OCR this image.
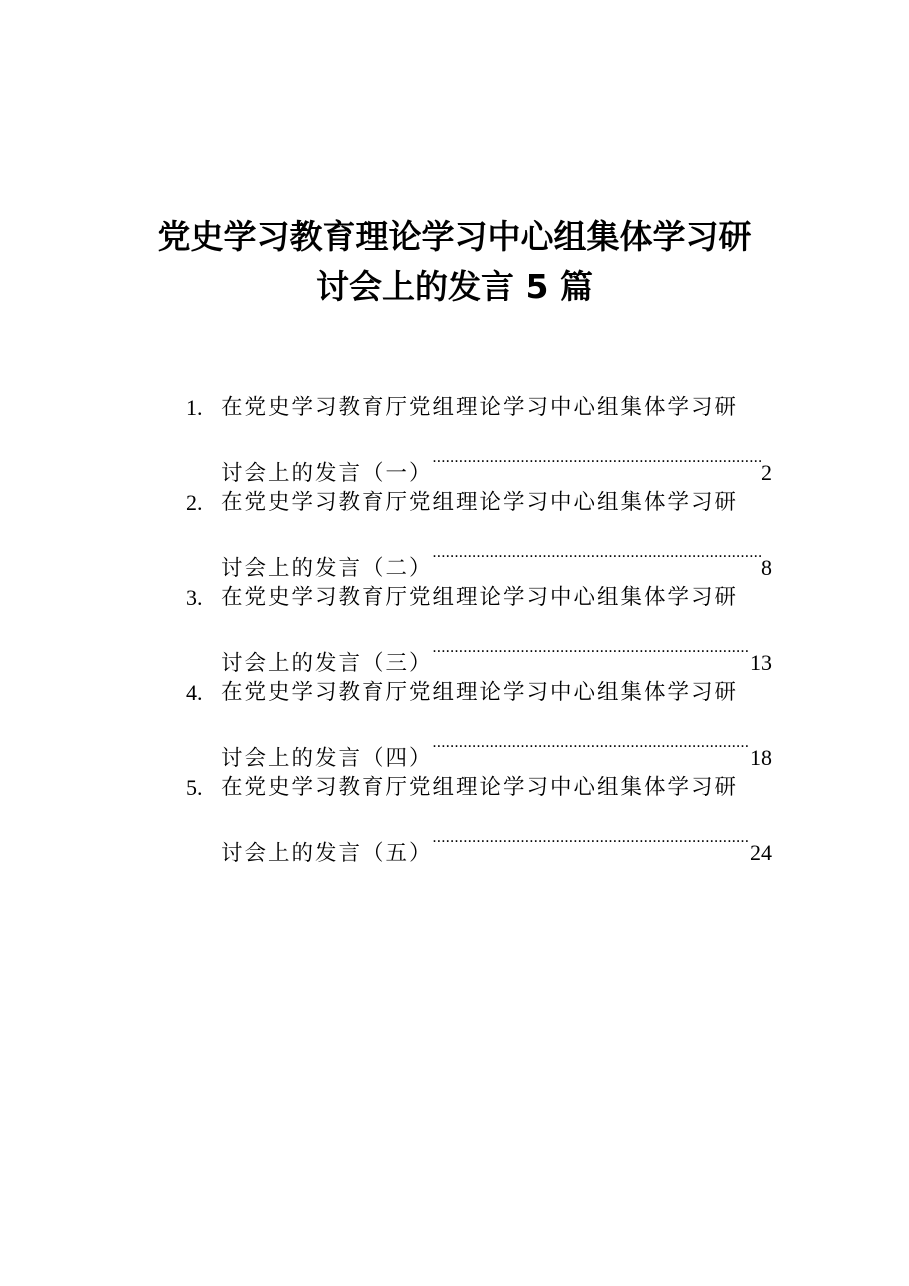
党史学习教育理论学习中心组集体学习研
讨会上的发言 5 篇
1. 在党史学习教育厅党组理论学习中心组集体学习研
讨会上的发言（一） .....	2
2. 在党史学习教育厅党组理论学习中心组集体学习研
讨会上的发言（二） .....	8
3. 在党史学习教育厅党组理论学习中心组集体学习研
讨会上的发言（三） .....	13
4. 在党史学习教育厅党组理论学习中心组集体学习研
讨会上的发言（四） .....	18
5. 在党史学习教育厅党组理论学习中心组集体学习研
讨会上的发言（五） .....	24
